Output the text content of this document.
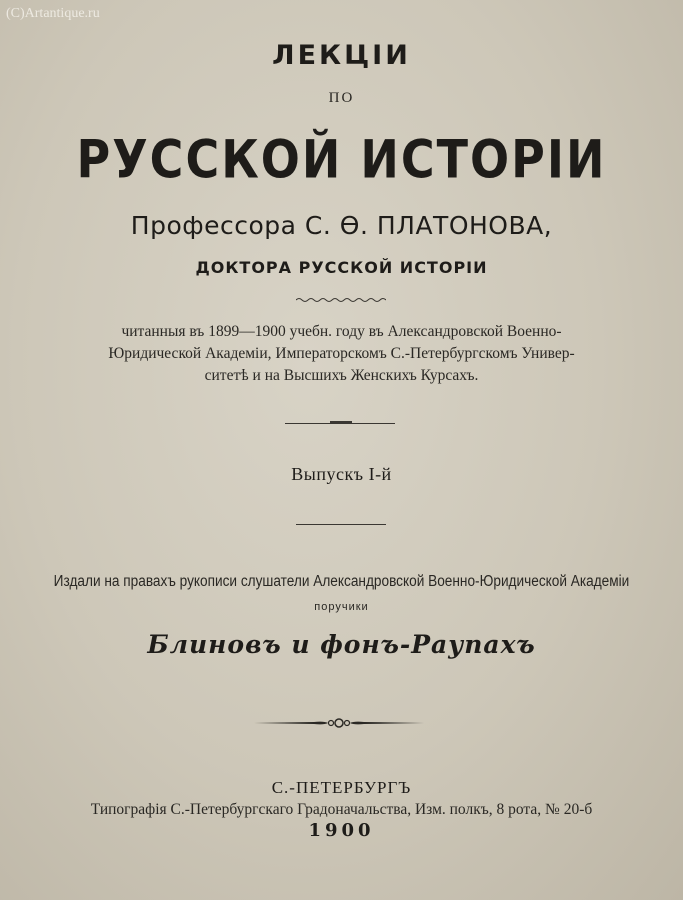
(C)Artantique.ru
ЛЕКЦІИ
ПО
РУССКОЙ ИСТОРІИ
Профессора С. Ѳ. ПЛАТОНОВА,
ДОКТОРА РУССКОЙ ИСТОРІИ
читанныя въ 1899—1900 учебн. году въ Александровской Военно-
Юридической Академіи, Императорскомъ С.-Петербургскомъ Универ-
ситетѣ и на Высшихъ Женскихъ Курсахъ.
Выпускъ I-й
Издали на правахъ рукописи слушатели Александровской Военно-Юридической Академіи
поручики
Блиновъ и фонъ-Раупахъ
С.-ПЕТЕРБУРГЪ
Типографія С.-Петербургскаго Градоначальства, Изм. полкъ, 8 рота, № 20-б
1900
